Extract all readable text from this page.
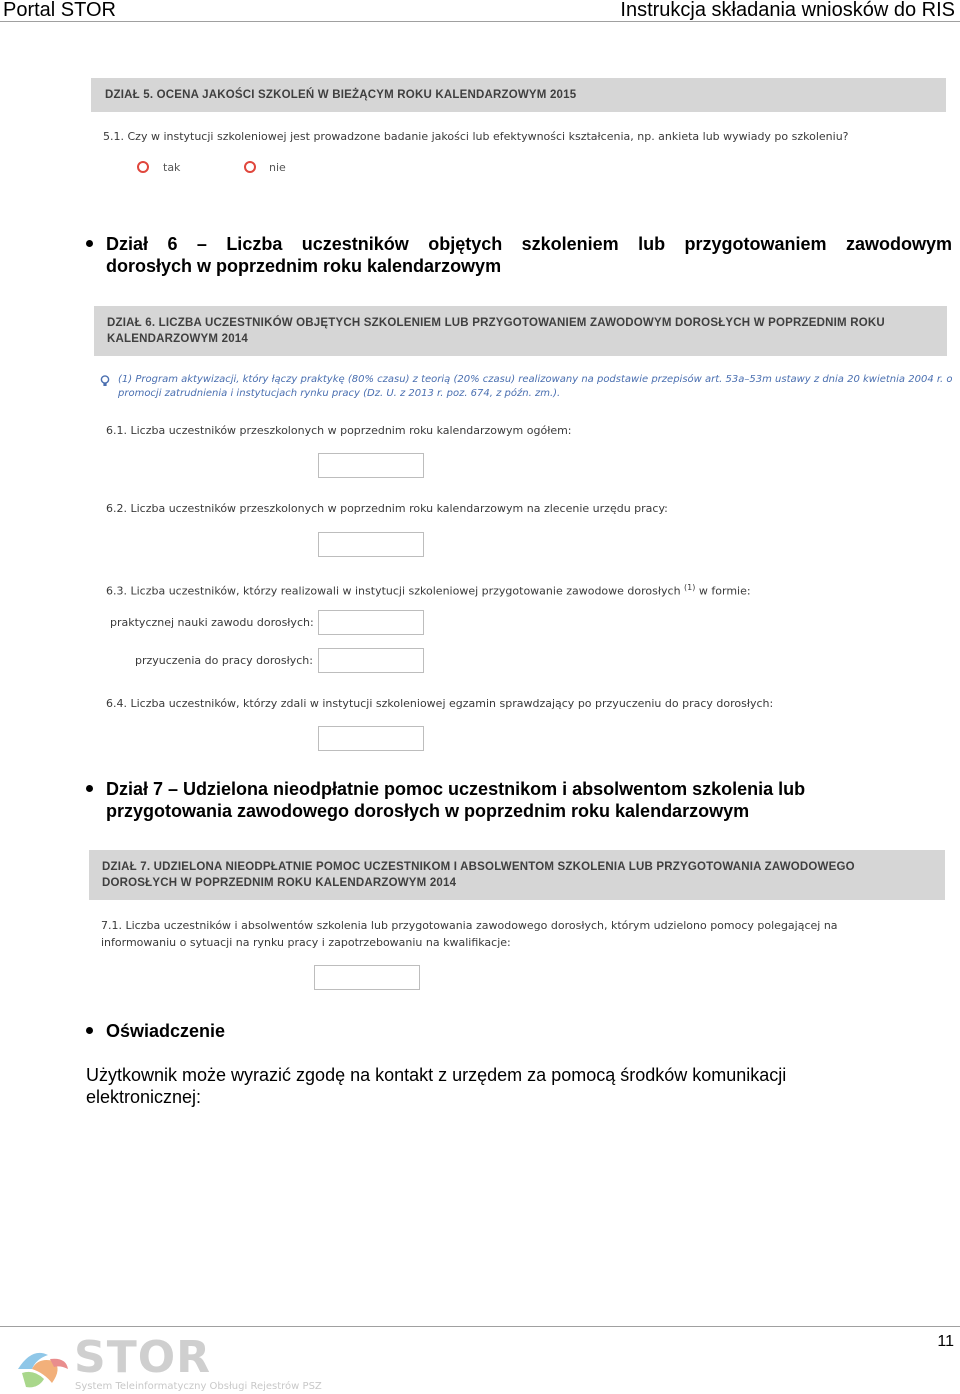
Portal STOR	Instrukcja składania wniosków do RIS
DZIAŁ 5. OCENA JAKOŚCI SZKOLEŃ W BIEŻĄCYM ROKU KALENDARZOWYM 2015
5.1. Czy w instytucji szkoleniowej jest prowadzone badanie jakości lub efektywności kształcenia, np. ankieta lub wywiady po szkoleniu?
tak	nie
Dział 6 – Liczba uczestników objętych szkoleniem lub przygotowaniem zawodowym
dorosłych w poprzednim roku kalendarzowym
DZIAŁ 6. LICZBA UCZESTNIKÓW OBJĘTYCH SZKOLENIEM LUB PRZYGOTOWANIEM ZAWODOWYM DOROSŁYCH W POPRZEDNIM ROKU
KALENDARZOWYM 2014
(1) Program aktywizacji, który łączy praktykę (80% czasu) z teorią (20% czasu) realizowany na podstawie przepisów art. 53a–53m ustawy z dnia 20 kwietnia 2004 r. o
promocji zatrudnienia i instytucjach rynku pracy (Dz. U. z 2013 r. poz. 674, z późn. zm.).
6.1. Liczba uczestników przeszkolonych w poprzednim roku kalendarzowym ogółem:
6.2. Liczba uczestników przeszkolonych w poprzednim roku kalendarzowym na zlecenie urzędu pracy:
6.3. Liczba uczestników, którzy realizowali w instytucji szkoleniowej przygotowanie zawodowe dorosłych $^{(1)}$ w formie:
praktycznej nauki zawodu dorosłych:
przyuczenia do pracy dorosłych:
6.4. Liczba uczestników, którzy zdali w instytucji szkoleniowej egzamin sprawdzający po przyuczeniu do pracy dorosłych:
Dział 7 – Udzielona nieodpłatnie pomoc uczestnikom i absolwentom szkolenia lub
przygotowania zawodowego dorosłych w poprzednim roku kalendarzowym
DZIAŁ 7. UDZIELONA NIEODPŁATNIE POMOC UCZESTNIKOM I ABSOLWENTOM SZKOLENIA LUB PRZYGOTOWANIA ZAWODOWEGO
DOROSŁYCH W POPRZEDNIM ROKU KALENDARZOWYM 2014
7.1. Liczba uczestników i absolwentów szkolenia lub przygotowania zawodowego dorosłych, którym udzielono pomocy polegającej na
informowaniu o sytuacji na rynku pracy i zapotrzebowaniu na kwalifikacje:
Oświadczenie
Użytkownik może wyrazić zgodę na kontakt z urzędem za pomocą środków komunikacji
elektronicznej:
STOR
System Teleinformatyczny Obsługi Rejestrów PSZ
11
